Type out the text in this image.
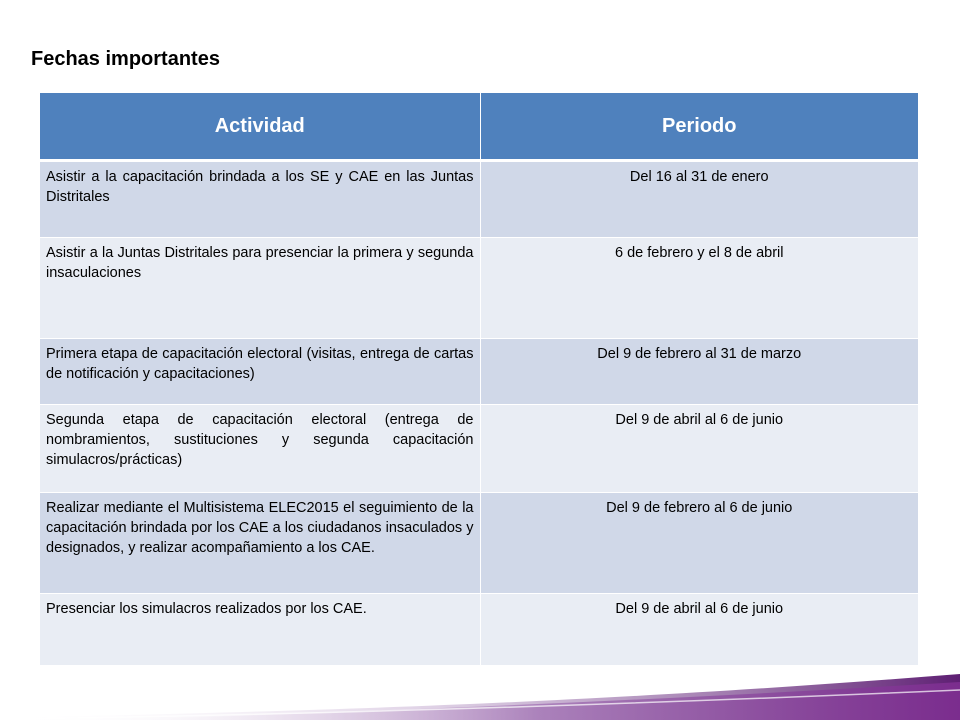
Fechas importantes
Actividad	Periodo
Asistir a la capacitación brindada a los SE y CAE en las Juntas Distritales	Del 16 al 31 de enero
Asistir a la Juntas Distritales para presenciar la primera y segunda insaculaciones	6 de febrero y el 8 de abril
Primera etapa de capacitación electoral (visitas, entrega de cartas de notificación y capacitaciones)	Del 9 de febrero al 31 de marzo
Segunda etapa de capacitación electoral (entrega de nombramientos, sustituciones y segunda capacitación simulacros/prácticas)	Del 9 de abril al 6 de junio
Realizar mediante el Multisistema ELEC2015 el seguimiento de la capacitación brindada por los CAE a los ciudadanos insaculados y designados, y realizar acompañamiento a los CAE.	Del 9 de febrero al 6 de junio
Presenciar los simulacros realizados por los CAE.	Del 9 de abril al 6 de junio
